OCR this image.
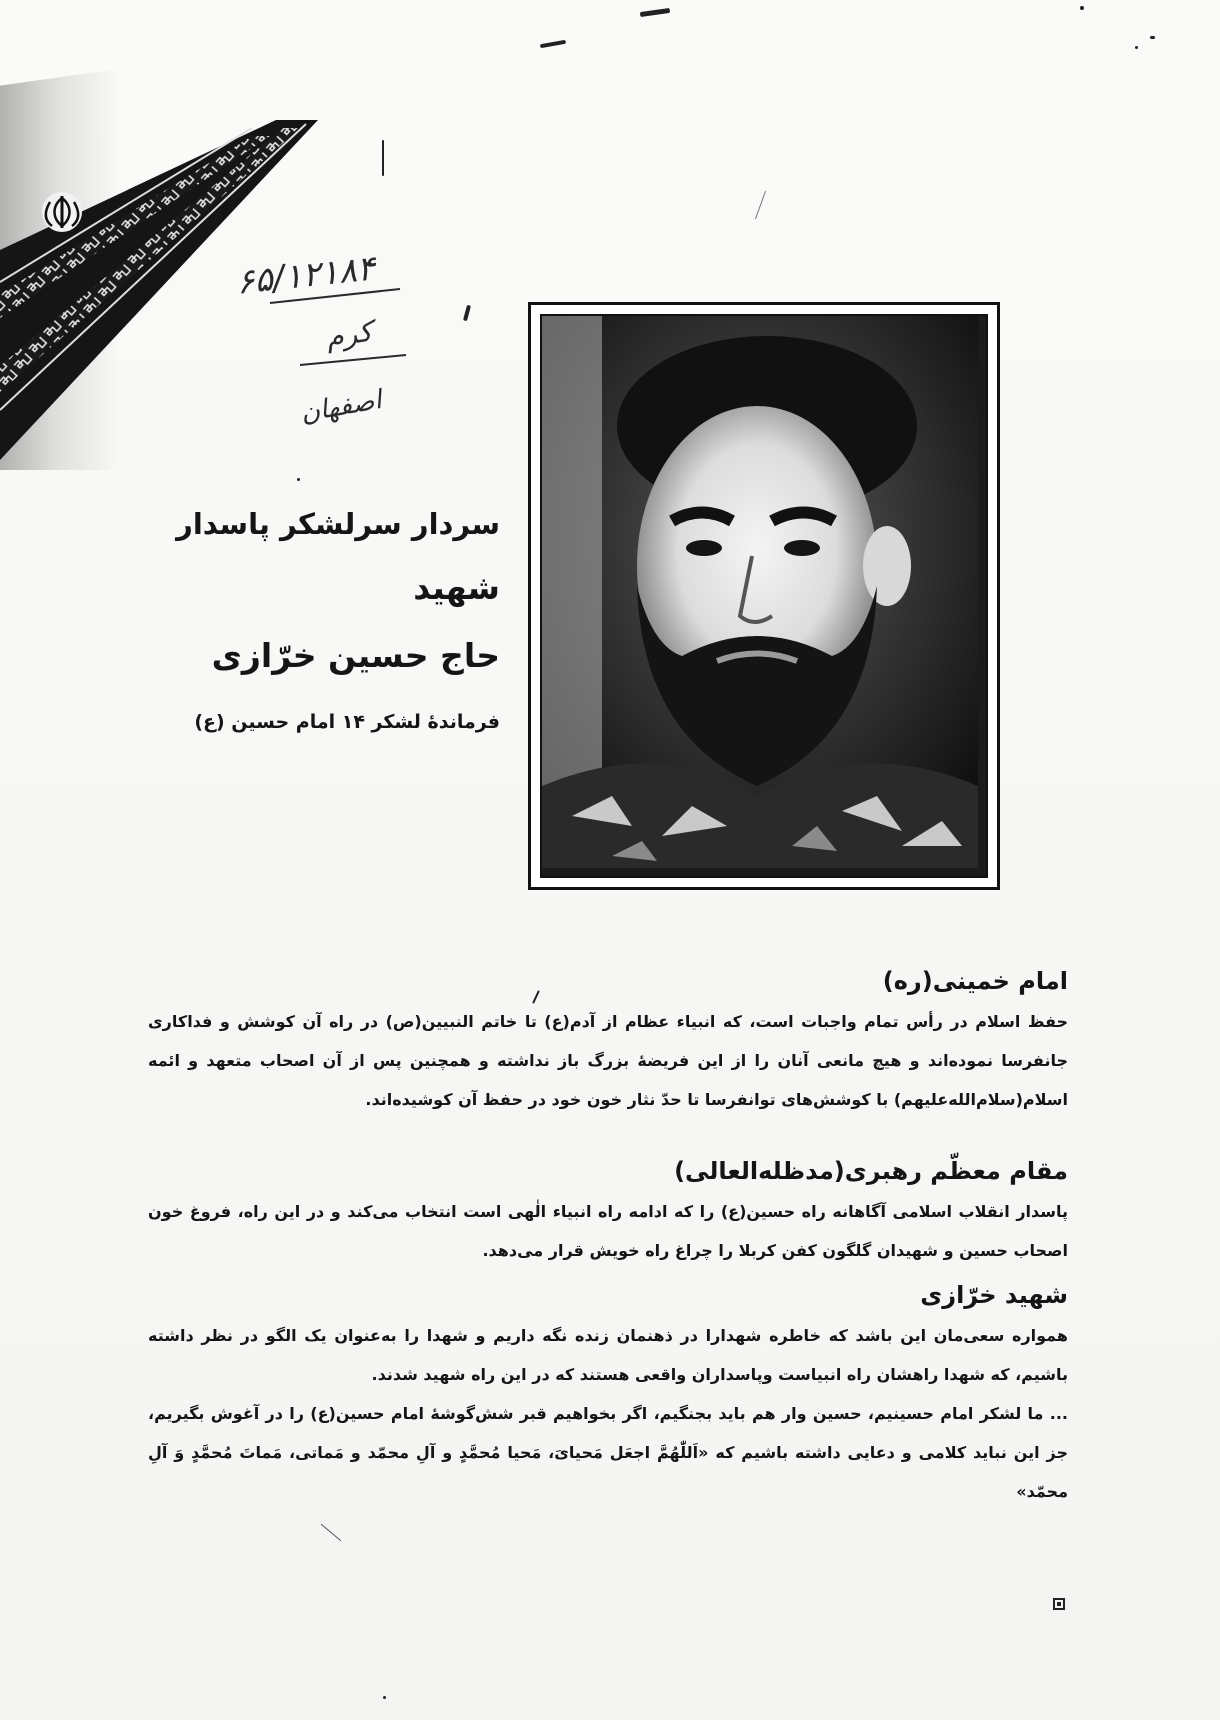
۶۵/۱۲۱۸۴
کرم
اصفهان

سردار سرلشکر پاسدار

شهید

حاج حسین خرّازی

فرماندهٔ لشکر ۱۴ امام حسین (ع)

امام خمینی(ره)

حفظ اسلام در رأس تمام واجبات است، که انبیاء عظام از آدم(ع) تا خاتم النبیین(ص) در راه آن کوشش و فداکاری جانفرسا نموده‌اند و هیچ مانعی آنان را از این فریضهٔ بزرگ باز نداشته و همچنین پس از آن اصحاب متعهد و ائمه اسلام(سلام‌الله‌علیهم) با کوشش‌های توانفرسا تا حدّ نثار خون خود در حفظ آن کوشیده‌اند.

مقام معظّم رهبری(مدظله‌العالی)

پاسدار انقلاب اسلامی آگاهانه راه حسین(ع) را که ادامه راه انبیاء الٰهی است انتخاب می‌کند و در این راه، فروغ خون اصحاب حسین و شهیدان گلگون کفن کربلا را چراغ راه خویش قرار می‌دهد.

شهید خرّازی

همواره سعی‌مان این باشد که خاطره شهدارا در ذهنمان زنده نگه داریم و شهدا را به‌عنوان یک الگو در نظر داشته باشیم، که شهدا راهشان راه انبیاست وپاسداران واقعی هستند که در این راه شهید شدند.

... ما لشکر امام حسینیم، حسین وار هم باید بجنگیم، اگر بخواهیم قبر شش‌گوشهٔ امام حسین(ع) را در آغوش بگیریم، جز این نباید کلامی و دعایی داشته باشیم که «اَللّٰهُمَّ اجعَل مَحیایَ، مَحیا مُحمَّدٍ و آلِ محمّد و مَماتی، مَماتَ مُحمَّدٍ وَ آلِ محمّد»
